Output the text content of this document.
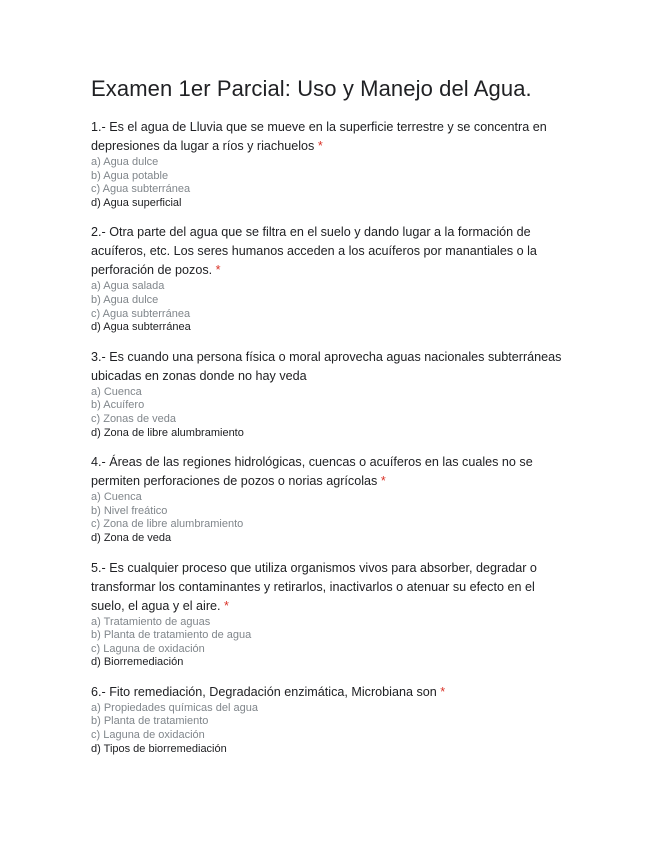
Examen 1er Parcial: Uso y Manejo del Agua.

1.- Es el agua de Lluvia que se mueve en la superficie terrestre y se concentra en depresiones da lugar a ríos y riachuelos *

a) Agua dulce
b) Agua potable
c) Agua subterránea
d) Agua superficial

2.- Otra parte del agua que se filtra en el suelo y dando lugar a la formación de acuíferos, etc. Los seres humanos acceden a los acuíferos por manantiales o la perforación de pozos. *

a) Agua salada
b) Agua dulce
c) Agua subterránea
d) Agua subterránea

3.- Es cuando una persona física o moral aprovecha aguas nacionales subterráneas ubicadas en zonas donde no hay veda

a) Cuenca
b) Acuífero
c) Zonas de veda
d) Zona de libre alumbramiento

4.- Áreas de las regiones hidrológicas, cuencas o acuíferos en las cuales no se permiten perforaciones de pozos o norias agrícolas *

a) Cuenca
b) Nivel freático
c) Zona de libre alumbramiento
d) Zona de veda

5.- Es cualquier proceso que utiliza organismos vivos para absorber, degradar o transformar los contaminantes y retirarlos, inactivarlos o atenuar su efecto en el suelo, el agua y el aire. *

a) Tratamiento de aguas
b) Planta de tratamiento de agua
c) Laguna de oxidación
d) Biorremediación

6.- Fito remediación, Degradación enzimática, Microbiana son *

a) Propiedades químicas del agua
b) Planta de tratamiento
c) Laguna de oxidación
d) Tipos de biorremediación
